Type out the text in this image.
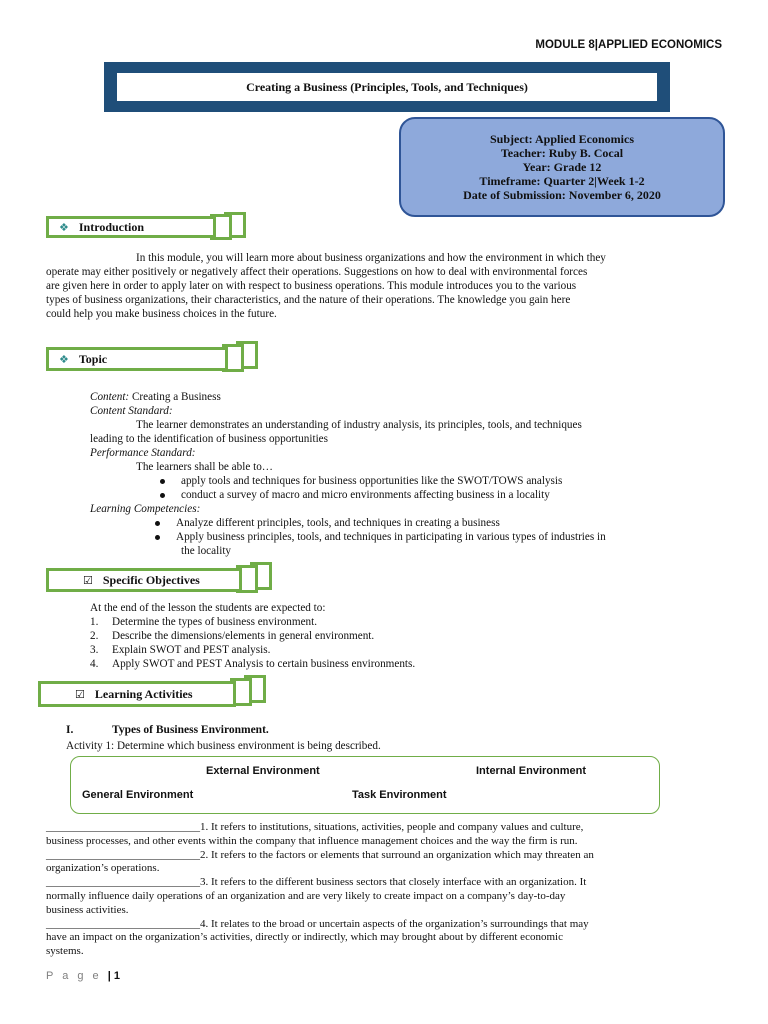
MODULE 8|APPLIED ECONOMICS
Creating a Business (Principles, Tools, and Techniques)
Subject: Applied Economics
Teacher: Ruby B. Cocal
Year: Grade 12
Timeframe: Quarter 2|Week 1-2
Date of Submission: November 6, 2020
❖ Introduction
In this module, you will learn more about business organizations and how the environment in which they
operate may either positively or negatively affect their operations. Suggestions on how to deal with environmental forces
are given here in order to apply later on with respect to business operations. This module introduces you to the various
types of business organizations, their characteristics, and the nature of their operations. The knowledge you gain here
could help you make business choices in the future.
❖ Topic
Content: Creating a Business
Content Standard:
The learner demonstrates an understanding of industry analysis, its principles, tools, and techniques
leading to the identification of business opportunities
Performance Standard:
The learners shall be able to…
apply tools and techniques for business opportunities like the SWOT/TOWS analysis
conduct a survey of macro and micro environments affecting business in a locality
Learning Competencies:
Analyze different principles, tools, and techniques in creating a business
Apply business principles, tools, and techniques in participating in various types of industries in
the locality
☑ Specific Objectives
At the end of the lesson the students are expected to:
1. Determine the types of business environment.
2. Describe the dimensions/elements in general environment.
3. Explain SWOT and PEST analysis.
4. Apply SWOT and PEST Analysis to certain business environments.
☑ Learning Activities
I.	Types of Business Environment.
Activity 1: Determine which business environment is being described.
External Environment	Internal Environment
General Environment	Task Environment
____________________________1. It refers to institutions, situations, activities, people and company values and culture,
business processes, and other events within the company that influence management choices and the way the firm is run.
____________________________2. It refers to the factors or elements that surround an organization which may threaten an
organization’s operations.
____________________________3. It refers to the different business sectors that closely interface with an organization. It
normally influence daily operations of an organization and are very likely to create impact on a company’s day-to-day
business activities.
____________________________4. It relates to the broad or uncertain aspects of the organization’s surroundings that may
have an impact on the organization’s activities, directly or indirectly, which may brought about by different economic
systems.
P a g e | 1
